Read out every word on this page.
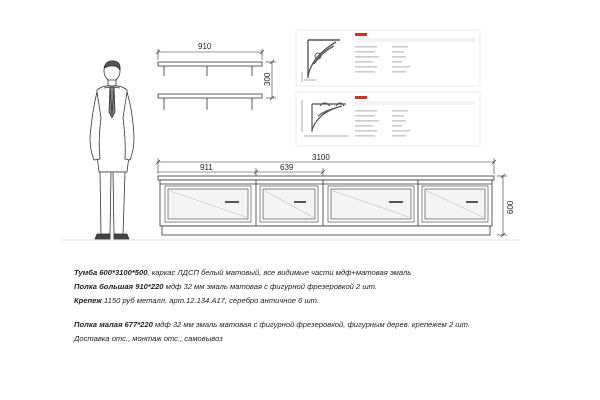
910
300
3100
911	639
600
Тумба 600*3100*500, каркас ЛДСП белый матовый, все видимые части мдф+матовая эмаль
Полка большая 910*220 мдф 32 мм эмаль матовая с фигурной фрезеровкой 2 шт.
Крепеж 1150 руб металл. арт.12.134.A17, серебро античное 6 шт.
Полка малая 677*220 мдф 32 мм эмаль матовая с фигурной фрезеровкой, фигурным дерев. крепежем 2 шт.
Доставка отс., монтаж отс., самовывоз
